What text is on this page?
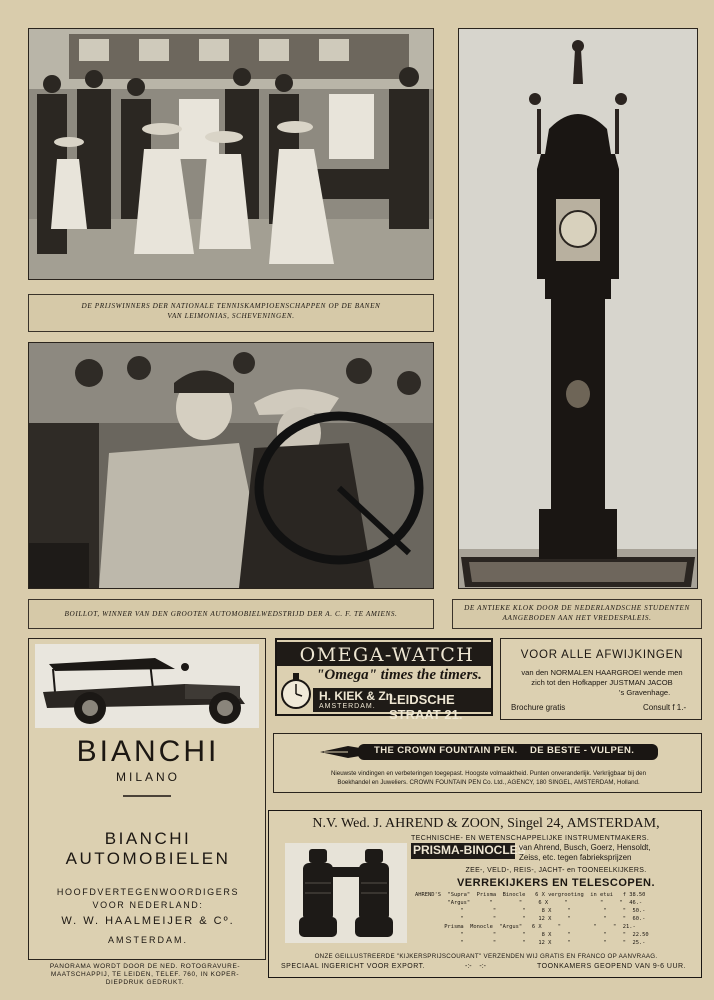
DE PRIJSWINNERS DER NATIONALE TENNISKAMPIOENSCHAPPEN OP DE BANEN
VAN LEIMONIAS, SCHEVENINGEN.
BOILLOT, WINNER VAN DEN GROOTEN AUTOMOBIELWEDSTRIJD DER A. C. F. TE AMIENS.
DE ANTIEKE KLOK DOOR DE NEDERLANDSCHE STUDENTEN
AANGEBODEN AAN HET VREDESPALEIS.
BIANCHI
MILANO
BIANCHI
AUTOMOBIELEN
HOOFDVERTEGENWOORDIGERS
VOOR NEDERLAND:
W. W. HAALMEIJER & Cº.
AMSTERDAM.
PANORAMA WORDT DOOR DE NED. ROTOGRAVURE-
MAATSCHAPPIJ, TE LEIDEN, TELEF. 760, IN KOPER-
DIEPDRUK GEDRUKT.
OMEGA-WATCH
"Omega" times the timers.
H. KIEK & Zn.
AMSTERDAM. LEIDSCHE STRAAT 21.
VOOR ALLE AFWIJKINGEN
van den NORMALEN HAARGROEI wende men
zich tot den Hofkapper JUSTMAN JACOB
's Gravenhage.
Brochure gratis	Consult f 1.-
THE CROWN FOUNTAIN PEN. DE BESTE - VULPEN.
Nieuwste vindingen en verbeteringen toegepast. Hoogste volmaaktheid. Punten onveranderlijk. Verkrijgbaar bij den
Boekhandel en Juweliers. CROWN FOUNTAIN PEN Co. Ltd., AGENCY, 180 SINGEL, AMSTERDAM, Holland.
N.V. Wed. J. AHREND & ZOON, Singel 24, AMSTERDAM,
TECHNISCHE- EN WETENSCHAPPELIJKE INSTRUMENTMAKERS.
PRISMA-BINOCLES
van Ahrend, Busch, Goerz, Hensoldt,
Zeiss, etc. tegen fabrieksprijzen
ZEE-, VELD-, REIS-, JACHT- en TOONEELKIJKERS.
VERREKIJKERS EN TELESCOPEN.
AHREND'S  "Supra"  Prisma  Binocle   6 X vergrooting  in etui   f 38.50
"Argus"      "        "     6 X     "          "     "  46.-
"         "        "     8 X     "          "     "  50.-
"         "        "    12 X     "          "     "  60.-
Prisma  Monocle  "Argus"   6 X     "          "     "  21.-
"         "        "     8 X     "          "     "  22.50
"         "        "    12 X     "          "     "  25.-
ONZE GEILLUSTREERDE "KIJKERSPRIJSCOURANT" VERZENDEN WIJ GRATIS EN FRANCO OP AANVRAAG.
SPECIAAL INGERICHT VOOR EXPORT.	-:-    -:-	TOONKAMERS GEOPEND VAN 9-6 UUR.
